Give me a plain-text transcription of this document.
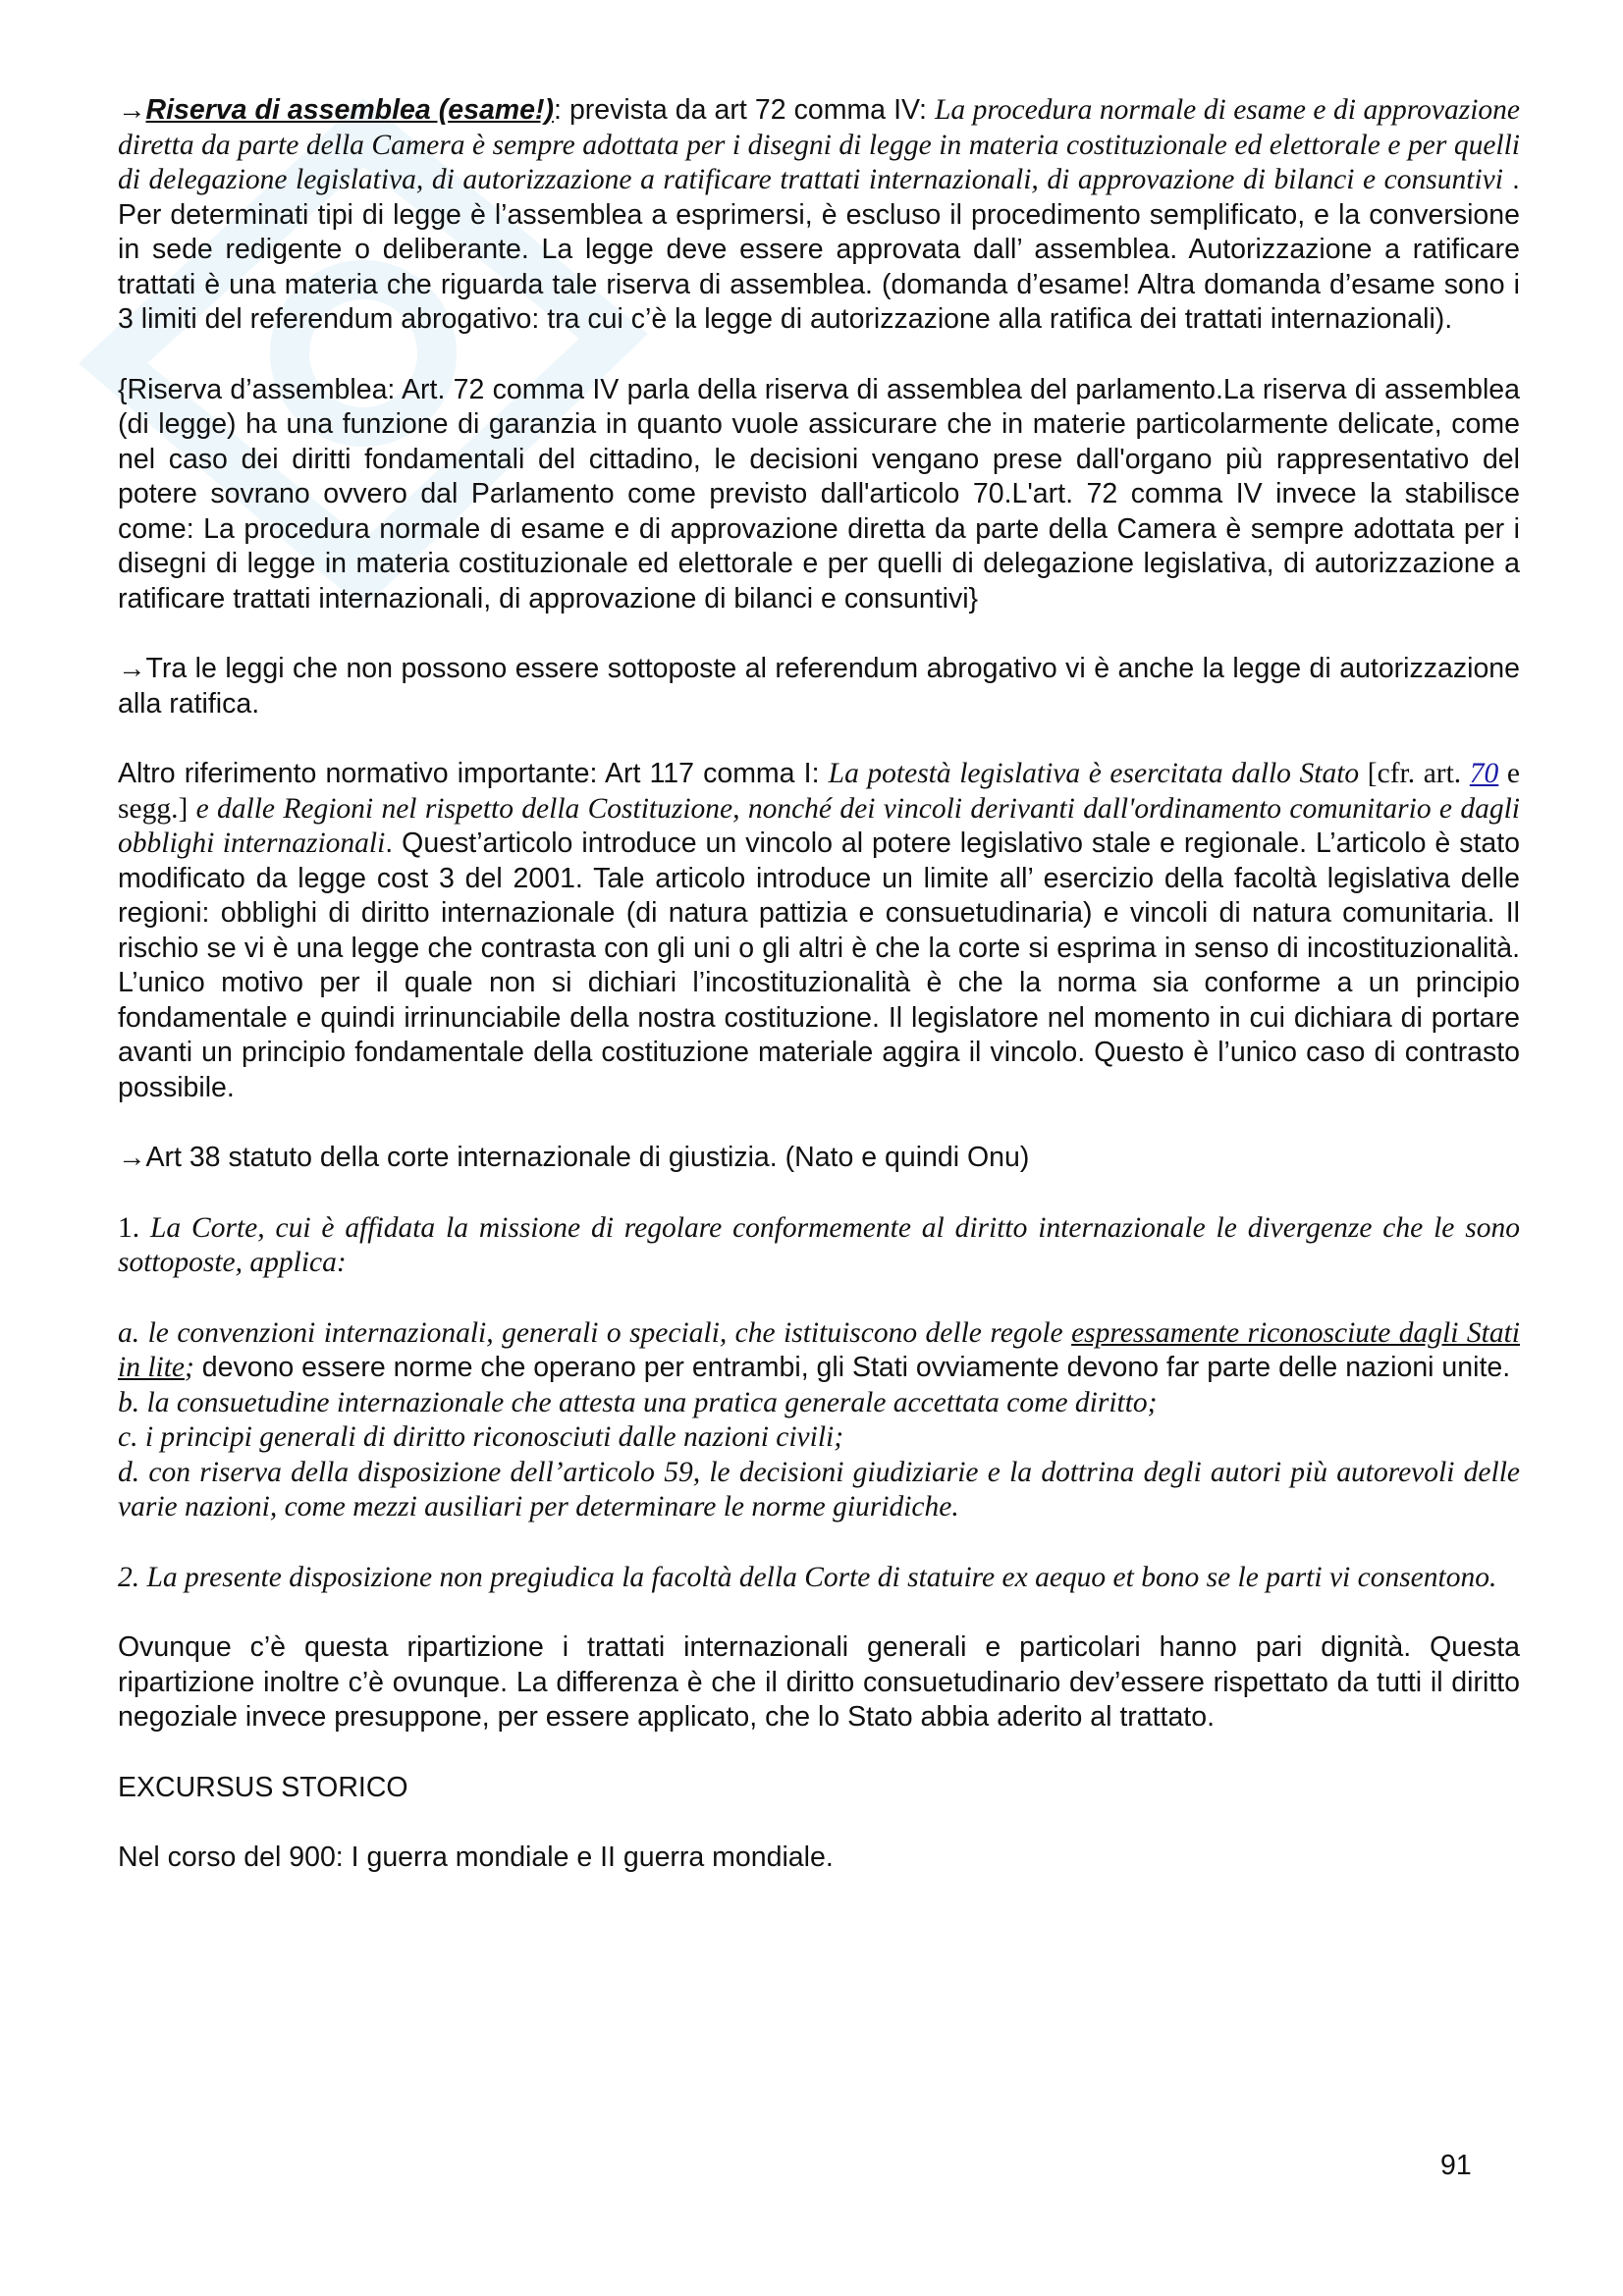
→Riserva di assemblea (esame!): prevista da art 72 comma IV: La procedura normale di esame e di approvazione diretta da parte della Camera è sempre adottata per i disegni di legge in materia costituzionale ed elettorale e per quelli di delegazione legislativa, di autorizzazione a ratificare trattati internazionali, di approvazione di bilanci e consuntivi . Per determinati tipi di legge è l’assemblea a esprimersi, è escluso il procedimento semplificato, e la conversione in sede redigente o deliberante. La legge deve essere approvata dall’ assemblea. Autorizzazione a ratificare trattati è una materia che riguarda tale riserva di assemblea. (domanda d’esame! Altra domanda d’esame sono i 3 limiti del referendum abrogativo: tra cui c’è la legge di autorizzazione alla ratifica dei trattati internazionali).

{Riserva d’assemblea: Art. 72 comma IV parla della riserva di assemblea del parlamento.La riserva di assemblea (di legge) ha una funzione di garanzia in quanto vuole assicurare che in materie particolarmente delicate, come nel caso dei diritti fondamentali del cittadino, le decisioni vengano prese dall'organo più rappresentativo del potere sovrano ovvero dal Parlamento come previsto dall'articolo 70.L'art. 72 comma IV invece la stabilisce come: La procedura normale di esame e di approvazione diretta da parte della Camera è sempre adottata per i disegni di legge in materia costituzionale ed elettorale e per quelli di delegazione legislativa, di autorizzazione a ratificare trattati internazionali, di approvazione di bilanci e consuntivi}

→Tra le leggi che non possono essere sottoposte al referendum abrogativo vi è anche la legge di autorizzazione alla ratifica.

Altro riferimento normativo importante: Art 117 comma I: La potestà legislativa è esercitata dallo Stato [cfr. art. 70 e segg.] e dalle Regioni nel rispetto della Costituzione, nonché dei vincoli derivanti dall'ordinamento comunitario e dagli obblighi internazionali. Quest’articolo introduce un vincolo al potere legislativo stale e regionale. L’articolo è stato modificato da legge cost 3 del 2001. Tale articolo introduce un limite all’ esercizio della facoltà legislativa delle regioni: obblighi di diritto internazionale (di natura pattizia e consuetudinaria) e vincoli di natura comunitaria. Il rischio se vi è una legge che contrasta con gli uni o gli altri è che la corte si esprima in senso di incostituzionalità. L’unico motivo per il quale non si dichiari l’incostituzionalità è che la norma sia conforme a un principio fondamentale e quindi irrinunciabile della nostra costituzione. Il legislatore nel momento in cui dichiara di portare avanti un principio fondamentale della costituzione materiale aggira il vincolo. Questo è l’unico caso di contrasto possibile.

→Art 38 statuto della corte internazionale di giustizia. (Nato e quindi Onu)

1. La Corte, cui è affidata la missione di regolare conformemente al diritto internazionale le divergenze che le sono sottoposte, applica:

a. le convenzioni internazionali, generali o speciali, che istituiscono delle regole espressamente riconosciute dagli Stati in lite; devono essere norme che operano per entrambi, gli Stati ovviamente devono far parte delle nazioni unite.

b. la consuetudine internazionale che attesta una pratica generale accettata come diritto;

c. i principi generali di diritto riconosciuti dalle nazioni civili;

d. con riserva della disposizione dell’articolo 59, le decisioni giudiziarie e la dottrina degli autori più autorevoli delle varie nazioni, come mezzi ausiliari per determinare le norme giuridiche.

2. La presente disposizione non pregiudica la facoltà della Corte di statuire ex aequo et bono se le parti vi consentono.

Ovunque c’è questa ripartizione i trattati internazionali generali e particolari hanno pari dignità. Questa ripartizione inoltre c’è ovunque. La differenza è che il diritto consuetudinario dev’essere rispettato da tutti il diritto negoziale invece presuppone, per essere applicato, che lo Stato abbia aderito al trattato.

EXCURSUS STORICO

Nel corso del 900: I guerra mondiale e II guerra mondiale.

91
